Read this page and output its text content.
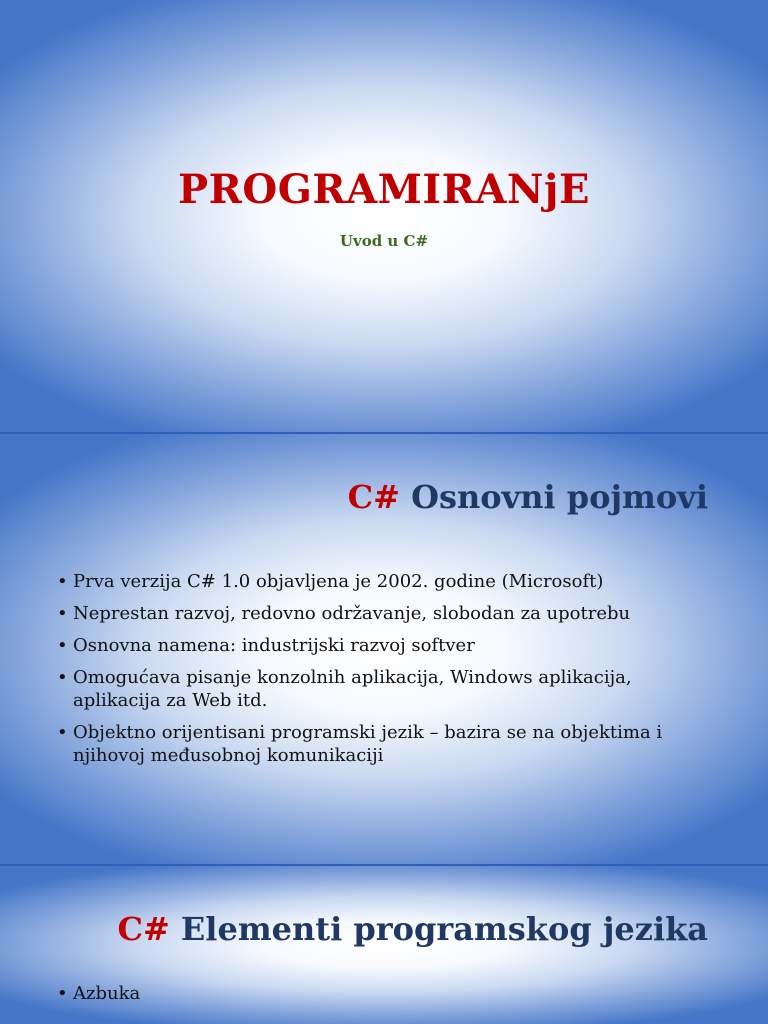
PROGRAMIRANjE
Uvod u C#
C# Osnovni pojmovi
• Prva verzija C# 1.0 objavljena je 2002. godine (Microsoft)
• Neprestan razvoj, redovno održavanje, slobodan za upotrebu
• Osnovna namena: industrijski razvoj softver
• Omogućava pisanje konzolnih aplikacija, Windows aplikacija, aplikacija za Web itd.
• Objektno orijentisani programski jezik – bazira se na objektima i njihovoj međusobnoj komunikaciji
C# Elementi programskog jezika
• Azbuka
